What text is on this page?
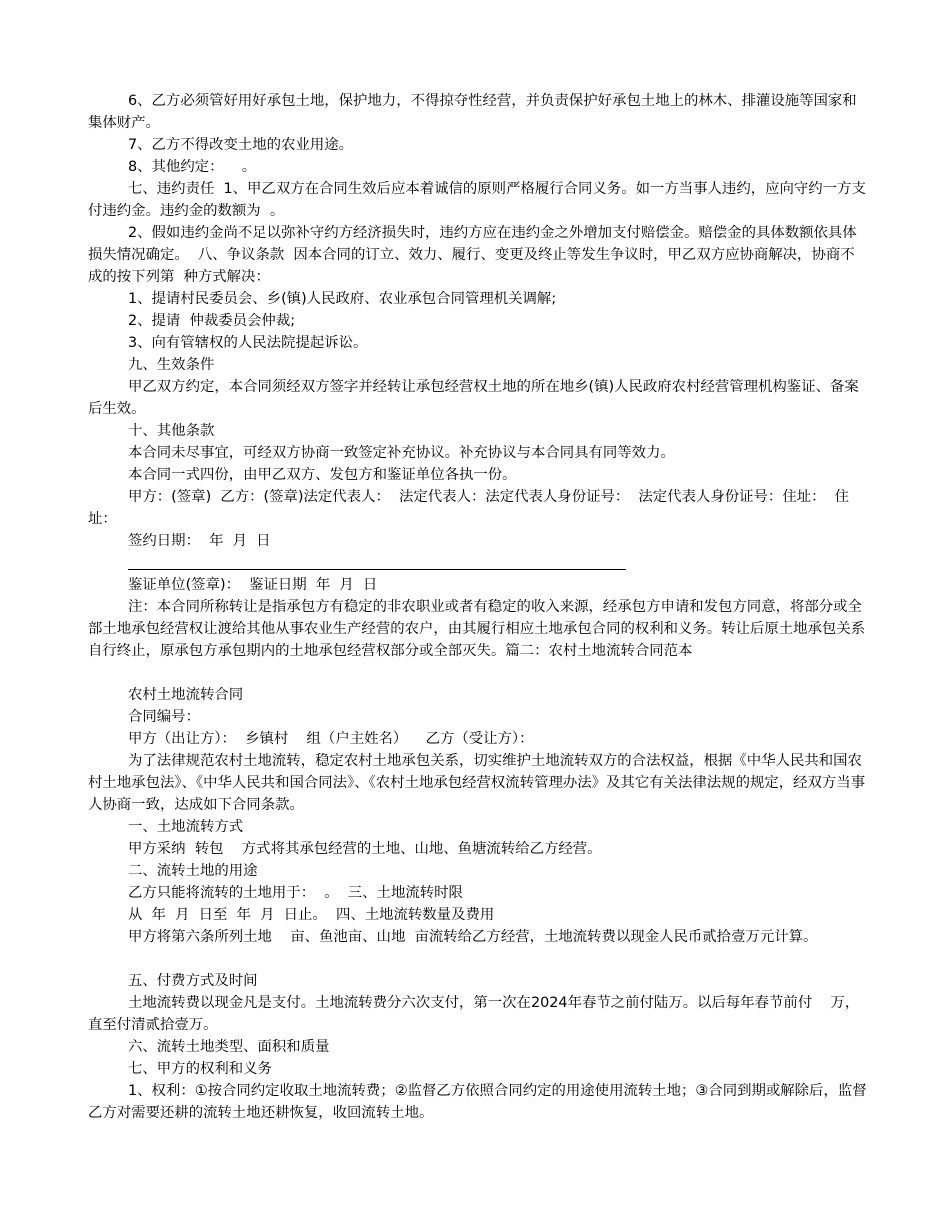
6、乙方必须管好用好承包土地，保护地力，不得掠夺性经营，并负责保护好承包土地上的林木、排灌设施等国家和集体财产。

7、乙方不得改变土地的农业用途。

8、其他约定：    。

七、违约责任  1、甲乙双方在合同生效后应本着诚信的原则严格履行合同义务。如一方当事人违约，应向守约一方支付违约金。违约金的数额为  。

2、假如违约金尚不足以弥补守约方经济损失时，违约方应在违约金之外增加支付赔偿金。赔偿金的具体数额依具体损失情况确定。  八、争议条款  因本合同的订立、效力、履行、变更及终止等发生争议时，甲乙双方应协商解决，协商不成的按下列第  种方式解决：

1、提请村民委员会、乡(镇)人民政府、农业承包合同管理机关调解;

2、提请  仲裁委员会仲裁;

3、向有管辖权的人民法院提起诉讼。

九、生效条件

甲乙双方约定，本合同须经双方签字并经转让承包经营权土地的所在地乡(镇)人民政府农村经营管理机构鉴证、备案后生效。

十、其他条款

本合同未尽事宜，可经双方协商一致签定补充协议。补充协议与本合同具有同等效力。

本合同一式四份，由甲乙双方、发包方和鉴证单位各执一份。

甲方：(签章)  乙方：(签章)法定代表人：  法定代表人：法定代表人身份证号：  法定代表人身份证号：住址：  住址：

签约日期：  年  月  日

鉴证单位(签章)：  鉴证日期  年  月  日

注：本合同所称转让是指承包方有稳定的非农职业或者有稳定的收入来源，经承包方申请和发包方同意，将部分或全部土地承包经营权让渡给其他从事农业生产经营的农户，由其履行相应土地承包合同的权利和义务。转让后原土地承包关系自行终止，原承包方承包期内的土地承包经营权部分或全部灭失。篇二：农村土地流转合同范本

农村土地流转合同

合同编号：

甲方（出让方）：  乡镇村    组（户主姓名）    乙方（受让方）：

为了法律规范农村土地流转，稳定农村土地承包关系，切实维护土地流转双方的合法权益，根据《中华人民共和国农村土地承包法》、《中华人民共和国合同法》、《农村土地承包经营权流转管理办法》及其它有关法律法规的规定，经双方当事人协商一致，达成如下合同条款。

一、土地流转方式

甲方采纳  转包    方式将其承包经营的土地、山地、鱼塘流转给乙方经营。

二、流转土地的用途

乙方只能将流转的土地用于：  。  三、土地流转时限

从  年  月  日至  年  月  日止。  四、土地流转数量及费用

甲方将第六条所列土地    亩、鱼池亩、山地  亩流转给乙方经营，土地流转费以现金人民币贰拾壹万元计算。

五、付费方式及时间

土地流转费以现金凡是支付。土地流转费分六次支付，第一次在2024年春节之前付陆万。以后每年春节前付    万，直至付清贰拾壹万。

六、流转土地类型、面积和质量

七、甲方的权利和义务

1、权利：①按合同约定收取土地流转费；②监督乙方依照合同约定的用途使用流转土地；③合同到期或解除后，监督乙方对需要还耕的流转土地还耕恢复，收回流转土地。
